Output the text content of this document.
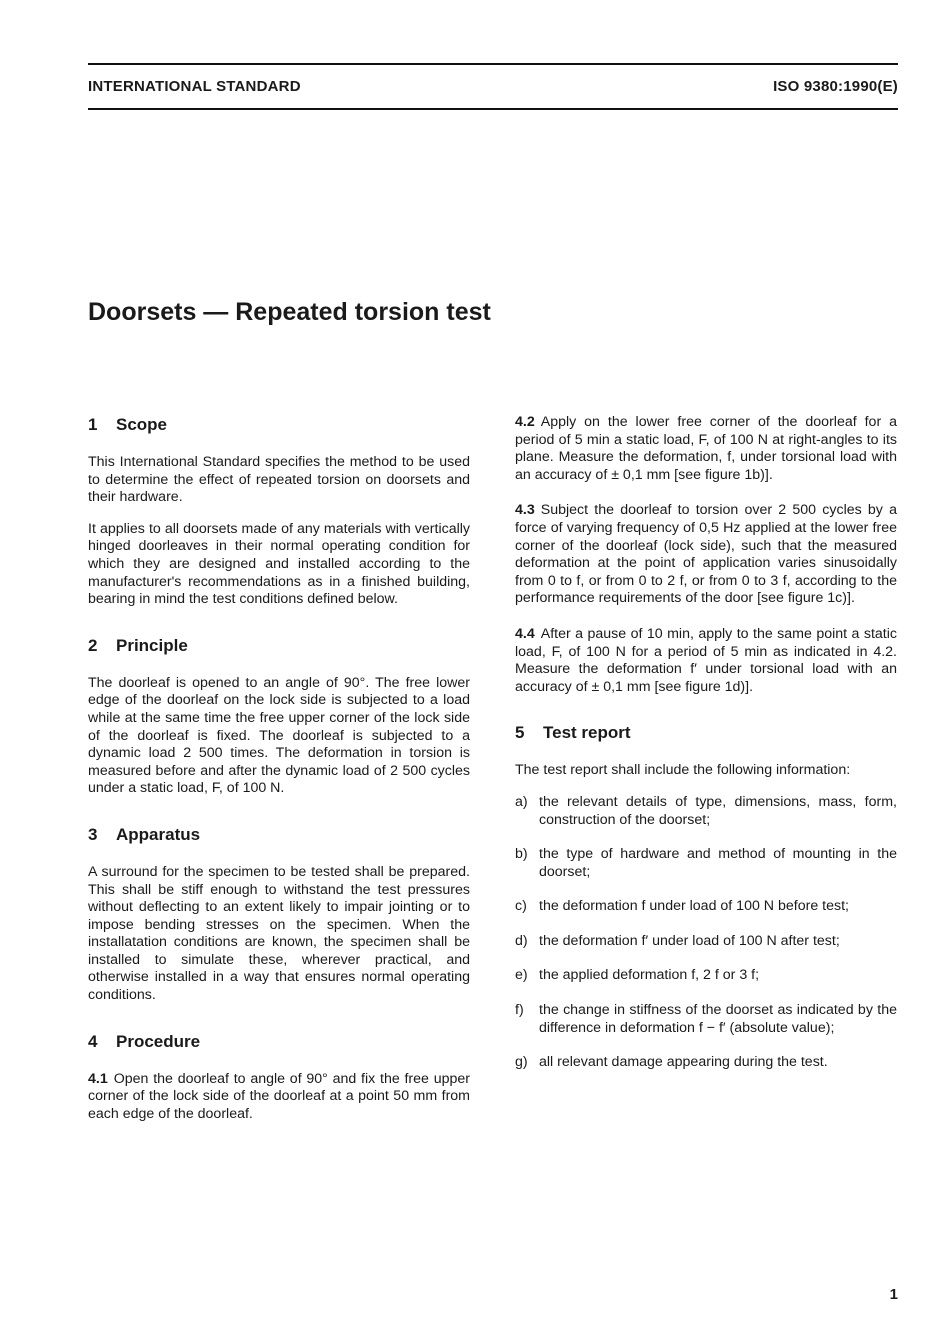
INTERNATIONAL STANDARD	ISO 9380:1990(E)
Doorsets — Repeated torsion test
1 Scope

This International Standard specifies the method to be used to determine the effect of repeated torsion on doorsets and their hardware.

It applies to all doorsets made of any materials with vertically hinged doorleaves in their normal operating condition for which they are designed and installed according to the manufacturer's recommendations as in a finished building, bearing in mind the test conditions defined below.

2 Principle

The doorleaf is opened to an angle of 90°. The free lower edge of the doorleaf on the lock side is subjected to a load while at the same time the free upper corner of the lock side of the doorleaf is fixed. The doorleaf is subjected to a dynamic load 2 500 times. The deformation in torsion is measured before and after the dynamic load of 2 500 cycles under a static load, F, of 100 N.

3 Apparatus

A surround for the specimen to be tested shall be prepared. This shall be stiff enough to withstand the test pressures without deflecting to an extent likely to impair jointing or to impose bending stresses on the specimen. When the installatation conditions are known, the specimen shall be installed to simulate these, wherever practical, and otherwise installed in a way that ensures normal operating conditions.

4 Procedure
4.1 Open the doorleaf to angle of 90° and fix the free upper corner of the lock side of the doorleaf at a point 50 mm from each edge of the doorleaf.
4.2 Apply on the lower free corner of the doorleaf for a period of 5 min a static load, F, of 100 N at right-angles to its plane. Measure the deformation, f, under torsional load with an accuracy of ± 0,1 mm [see figure 1b)].
4.3 Subject the doorleaf to torsion over 2 500 cycles by a force of varying frequency of 0,5 Hz applied at the lower free corner of the doorleaf (lock side), such that the measured deformation at the point of application varies sinusoidally from 0 to f, or from 0 to 2 f, or from 0 to 3 f, according to the performance requirements of the door [see figure 1c)].
4.4 After a pause of 10 min, apply to the same point a static load, F, of 100 N for a period of 5 min as indicated in 4.2. Measure the deformation f′ under torsional load with an accuracy of ± 0,1 mm [see figure 1d)].
5 Test report

The test report shall include the following information:

a) the relevant details of type, dimensions, mass, form, construction of the doorset;
b) the type of hardware and method of mounting in the doorset;
c) the deformation f under load of 100 N before test;
d) the deformation f′ under load of 100 N after test;
e) the applied deformation f, 2 f or 3 f;
f)	the change in stiffness of the doorset as indicated by the difference in deformation f − f′ (absolute value);
g) all relevant damage appearing during the test.
1
